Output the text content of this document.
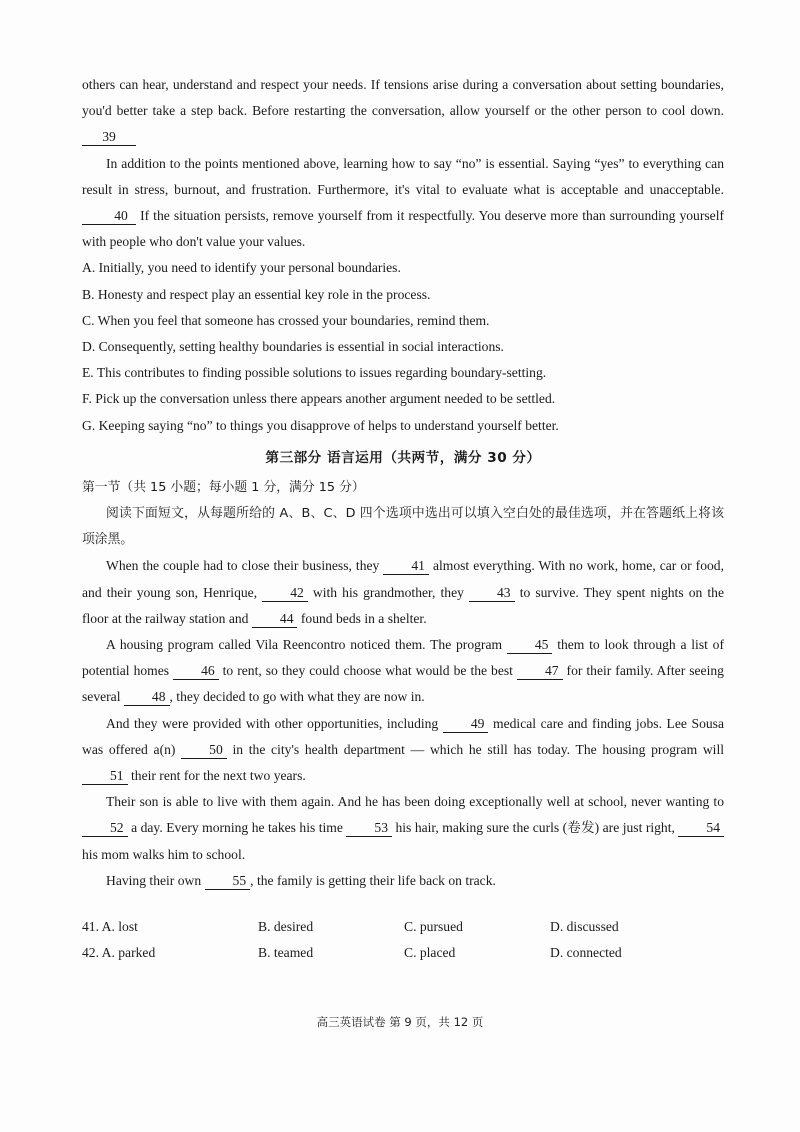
others can hear, understand and respect your needs. If tensions arise during a conversation about setting boundaries, you'd better take a step back. Before restarting the conversation, allow yourself or the other person to cool down. 39

In addition to the points mentioned above, learning how to say “no” is essential. Saying “yes” to everything can result in stress, burnout, and frustration. Furthermore, it's vital to evaluate what is acceptable and unacceptable. 40 If the situation persists, remove yourself from it respectfully. You deserve more than surrounding yourself with people who don't value your values.

A. Initially, you need to identify your personal boundaries.

B. Honesty and respect play an essential key role in the process.

C. When you feel that someone has crossed your boundaries, remind them.

D. Consequently, setting healthy boundaries is essential in social interactions.

E. This contributes to finding possible solutions to issues regarding boundary-setting.

F. Pick up the conversation unless there appears another argument needed to be settled.

G. Keeping saying “no” to things you disapprove of helps to understand yourself better.

第三部分 语言运用（共两节，满分 30 分）

第一节（共 15 小题；每小题 1 分，满分 15 分）

阅读下面短文，从每题所给的 A、B、C、D 四个选项中选出可以填入空白处的最佳选项，并在答题纸上将该项涂黑。

When the couple had to close their business, they 41 almost everything. With no work, home, car or food, and their young son, Henrique, 42 with his grandmother, they 43 to survive. They spent nights on the floor at the railway station and 44 found beds in a shelter.

A housing program called Vila Reencontro noticed them. The program 45 them to look through a list of potential homes 46 to rent, so they could choose what would be the best 47 for their family. After seeing several 48 , they decided to go with what they are now in.

And they were provided with other opportunities, including 49 medical care and finding jobs. Lee Sousa was offered a(n) 50 in the city's health department — which he still has today. The housing program will 51 their rent for the next two years.

Their son is able to live with them again. And he has been doing exceptionally well at school, never wanting to 52 a day. Every morning he takes his time 53 his hair, making sure the curls (卷发) are just right, 54 his mom walks him to school.

Having their own 55 , the family is getting their life back on track.

41. A. lost	B. desired	C. pursued	D. discussed
42. A. parked	B. teamed	C. placed	D. connected
高三英语试卷 第 9 页，共 12 页
